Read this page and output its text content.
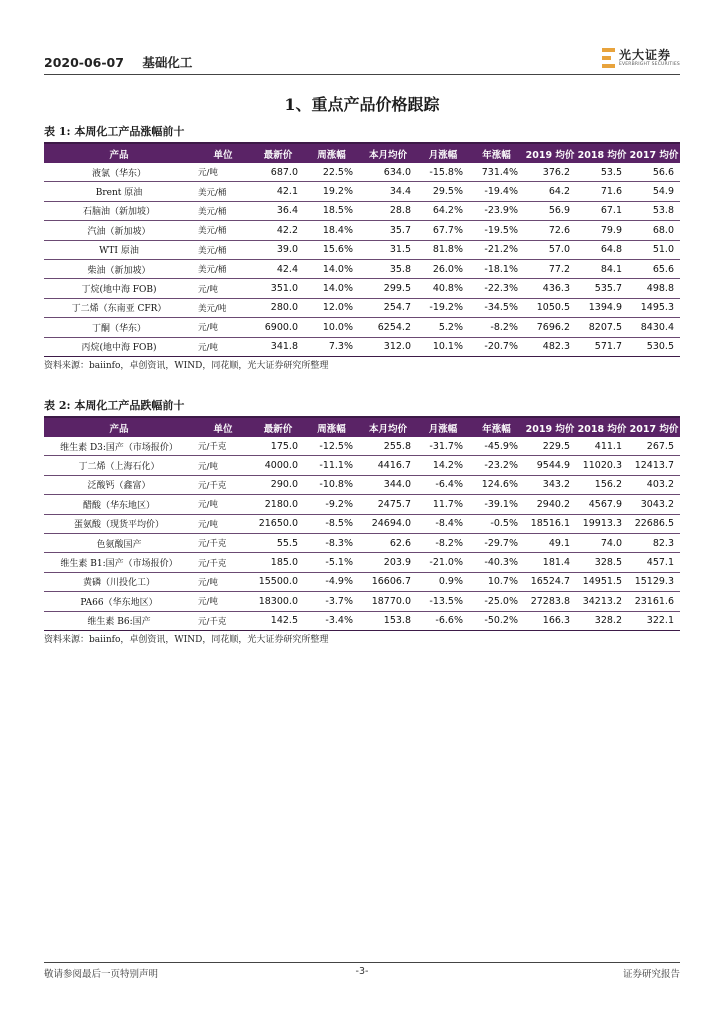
2020-06-07 基础化工
光大证券
EVERBRIGHT SECURITIES
1、重点产品价格跟踪
表 1: 本周化工产品涨幅前十
产品	单位	最新价	周涨幅	本月均价	月涨幅	年涨幅	2019 均价	2018 均价	2017 均价
液氯（华东）	元/吨	687.0	22.5%	634.0	-15.8%	731.4%	376.2	53.5	56.6
Brent 原油	美元/桶	42.1	19.2%	34.4	29.5%	-19.4%	64.2	71.6	54.9
石脑油（新加坡）	美元/桶	36.4	18.5%	28.8	64.2%	-23.9%	56.9	67.1	53.8
汽油（新加坡）	美元/桶	42.2	18.4%	35.7	67.7%	-19.5%	72.6	79.9	68.0
WTI 原油	美元/桶	39.0	15.6%	31.5	81.8%	-21.2%	57.0	64.8	51.0
柴油（新加坡）	美元/桶	42.4	14.0%	35.8	26.0%	-18.1%	77.2	84.1	65.6
丁烷(地中海 FOB)	元/吨	351.0	14.0%	299.5	40.8%	-22.3%	436.3	535.7	498.8
丁二烯（东南亚 CFR）	美元/吨	280.0	12.0%	254.7	-19.2%	-34.5%	1050.5	1394.9	1495.3
丁酮（华东）	元/吨	6900.0	10.0%	6254.2	5.2%	-8.2%	7696.2	8207.5	8430.4
丙烷(地中海 FOB)	元/吨	341.8	7.3%	312.0	10.1%	-20.7%	482.3	571.7	530.5
资料来源：baiinfo，卓创资讯，WIND，同花顺，光大证券研究所整理
表 2: 本周化工产品跌幅前十
产品	单位	最新价	周涨幅	本月均价	月涨幅	年涨幅	2019 均价	2018 均价	2017 均价
维生素 D3:国产（市场报价）	元/千克	175.0	-12.5%	255.8	-31.7%	-45.9%	229.5	411.1	267.5
丁二烯（上海石化）	元/吨	4000.0	-11.1%	4416.7	14.2%	-23.2%	9544.9	11020.3	12413.7
泛酸钙（鑫富）	元/千克	290.0	-10.8%	344.0	-6.4%	124.6%	343.2	156.2	403.2
醋酸（华东地区）	元/吨	2180.0	-9.2%	2475.7	11.7%	-39.1%	2940.2	4567.9	3043.2
蛋氨酸（现货平均价）	元/吨	21650.0	-8.5%	24694.0	-8.4%	-0.5%	18516.1	19913.3	22686.5
色氨酸国产	元/千克	55.5	-8.3%	62.6	-8.2%	-29.7%	49.1	74.0	82.3
维生素 B1:国产（市场报价）	元/千克	185.0	-5.1%	203.9	-21.0%	-40.3%	181.4	328.5	457.1
黄磷（川投化工）	元/吨	15500.0	-4.9%	16606.7	0.9%	10.7%	16524.7	14951.5	15129.3
PA66（华东地区）	元/吨	18300.0	-3.7%	18770.0	-13.5%	-25.0%	27283.8	34213.2	23161.6
维生素 B6:国产	元/千克	142.5	-3.4%	153.8	-6.6%	-50.2%	166.3	328.2	322.1
资料来源：baiinfo，卓创资讯，WIND，同花顺，光大证券研究所整理
敬请参阅最后一页特别声明	-3-	证券研究报告
